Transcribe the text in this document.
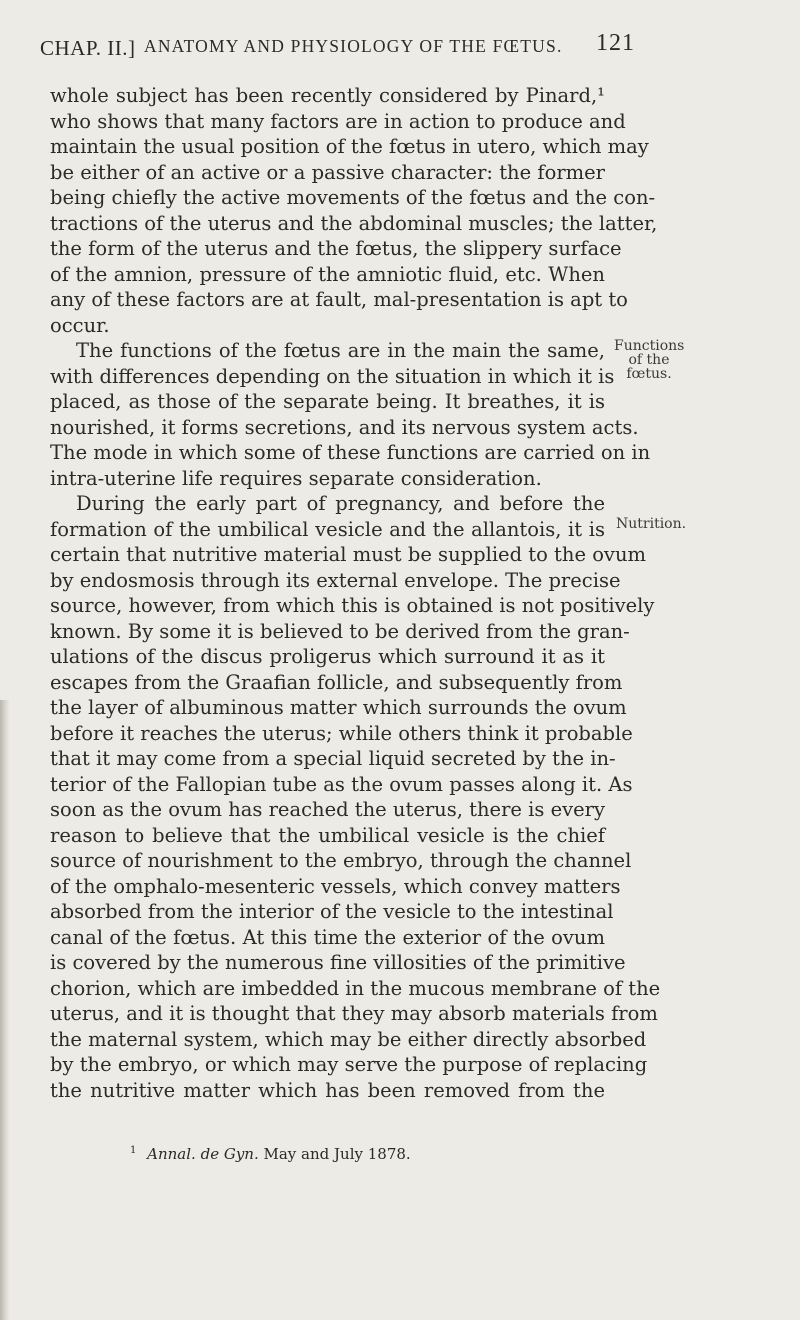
CHAP. II.] ANATOMY AND PHYSIOLOGY OF THE FŒTUS. 121
whole subject has been recently considered by Pinard,¹
who shows that many factors are in action to produce and
maintain the usual position of the fœtus in utero, which may
be either of an active or a passive character: the former
being chiefly the active movements of the fœtus and the con-
tractions of the uterus and the abdominal muscles; the latter,
the form of the uterus and the fœtus, the slippery surface
of the amnion, pressure of the amniotic fluid, etc. When
any of these factors are at fault, mal-presentation is apt to
occur.
The functions of the fœtus are in the main the same,
with differences depending on the situation in which it is
placed, as those of the separate being. It breathes, it is
nourished, it forms secretions, and its nervous system acts.
The mode in which some of these functions are carried on in
intra-uterine life requires separate consideration.
During the early part of pregnancy, and before the
formation of the umbilical vesicle and the allantois, it is
certain that nutritive material must be supplied to the ovum
by endosmosis through its external envelope. The precise
source, however, from which this is obtained is not positively
known. By some it is believed to be derived from the gran-
ulations of the discus proligerus which surround it as it
escapes from the Graafian follicle, and subsequently from
the layer of albuminous matter which surrounds the ovum
before it reaches the uterus; while others think it probable
that it may come from a special liquid secreted by the in-
terior of the Fallopian tube as the ovum passes along it. As
soon as the ovum has reached the uterus, there is every
reason to believe that the umbilical vesicle is the chief
source of nourishment to the embryo, through the channel
of the omphalo-mesenteric vessels, which convey matters
absorbed from the interior of the vesicle to the intestinal
canal of the fœtus. At this time the exterior of the ovum
is covered by the numerous fine villosities of the primitive
chorion, which are imbedded in the mucous membrane of the
uterus, and it is thought that they may absorb materials from
the maternal system, which may be either directly absorbed
by the embryo, or which may serve the purpose of replacing
the nutritive matter which has been removed from the
Functions
of the
fœtus.
Nutrition.
$^1$ Annal. de Gyn. May and July 1878.
